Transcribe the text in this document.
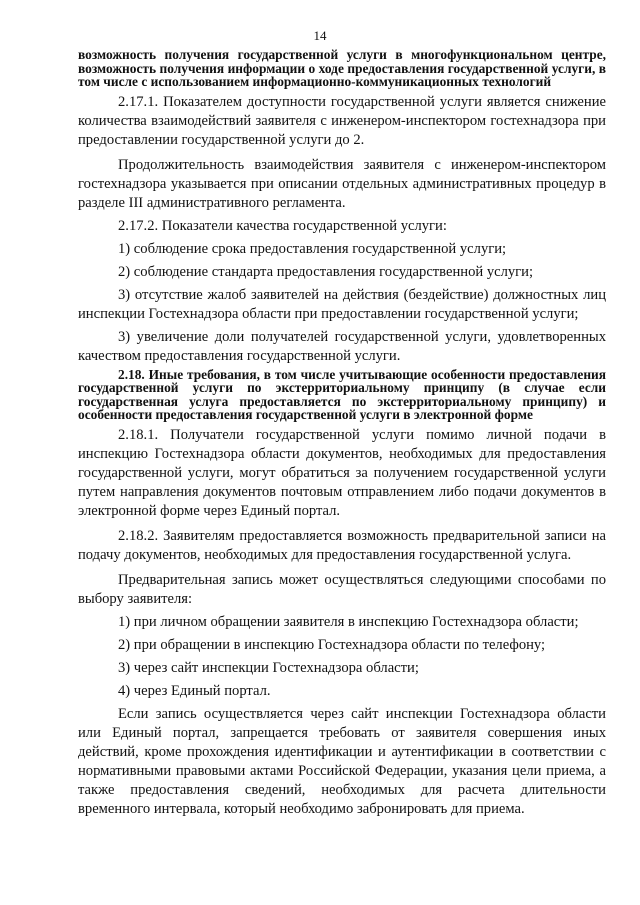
14

возможность получения государственной услуги в многофункциональном центре, возможность получения информации о ходе предоставления государственной услуги, в том числе с использованием информационно-коммуникационных технологий

2.17.1. Показателем доступности государственной услуги является снижение количества взаимодействий заявителя с инженером-инспектором гостехнадзора при предоставлении государственной услуги до 2.

Продолжительность взаимодействия заявителя с инженером-инспектором гостехнадзора указывается при описании отдельных административных процедур в разделе III административного регламента.

2.17.2. Показатели качества государственной услуги:

1) соблюдение срока предоставления государственной услуги;

2) соблюдение стандарта предоставления государственной услуги;

3) отсутствие жалоб заявителей на действия (бездействие) должностных лиц инспекции Гостехнадзора области при предоставлении государственной услуги;

3) увеличение доли получателей государственной услуги, удовлетворенных качеством предоставления государственной услуги.

2.18. Иные требования, в том числе учитывающие особенности предоставления государственной услуги по экстерриториальному принципу (в случае если государственная услуга предоставляется по экстерриториальному принципу) и особенности предоставления государственной услуги в электронной форме

2.18.1. Получатели государственной услуги помимо личной подачи в инспекцию Гостехнадзора области документов, необходимых для предоставления государственной услуги, могут обратиться за получением государственной услуги путем направления документов почтовым отправлением либо подачи документов в электронной форме через Единый портал.

2.18.2. Заявителям предоставляется возможность предварительной записи на подачу документов, необходимых для предоставления государственной услуга.

Предварительная запись может осуществляться следующими способами по выбору заявителя:

1) при личном обращении заявителя в инспекцию Гостехнадзора области;

2) при обращении в инспекцию Гостехнадзора области по телефону;

3) через сайт инспекции Гостехнадзора области;

4) через Единый портал.

Если запись осуществляется через сайт инспекции Гостехнадзора области или Единый портал, запрещается требовать от заявителя совершения иных действий, кроме прохождения идентификации и аутентификации в соответствии с нормативными правовыми актами Российской Федерации, указания цели приема, а также предоставления сведений, необходимых для расчета длительности временного интервала, который необходимо забронировать для приема.
